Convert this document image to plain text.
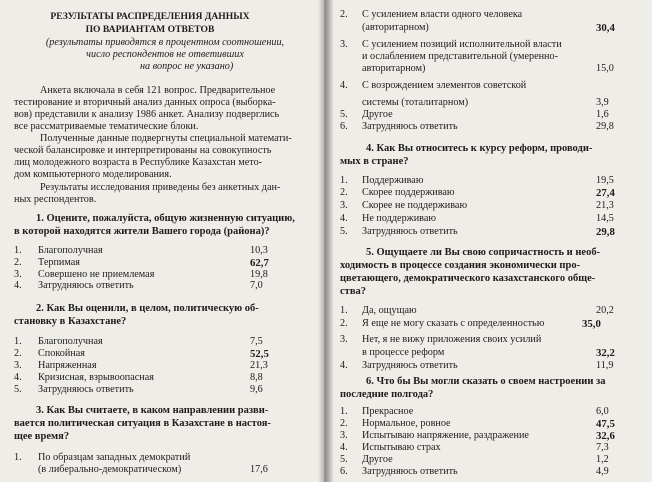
РЕЗУЛЬТАТЫ РАСПРЕДЕЛЕНИЯ ДАННЫХ
ПО ВАРИАНТАМ ОТВЕТОВ
(результаты приводятся в процентном соотношении,
число респондентов не ответивших
на вопрос не указано)
Анкета включала в себя 121 вопрос. Предварительное
тестирование и вторичный анализ данных опроса (выборка-
вов) представили к анализу 1986 анкет. Анализу подверглись
все рассматриваемые тематические блоки.
Полученные данные подвергнуты специальной математи-
ческой балансировке и интерпретированы на совокупность
лиц молодежного возраста в Республике Казахстан мето-
дом компьютерного моделирования.
Результаты исследования приведены без анкетных дан-
ных респондентов.
1. Оцените, пожалуйста, общую жизненную ситуацию,
в которой находятся жители Вашего города (района)?
1. Благополучная	10,3
2. Терпимая	62,7
3. Совершено не приемлемая	19,8
4. Затрудняюсь ответить	7,0
2. Как Вы оценили, в целом, политическую об-
становку в Казахстане?
1. Благополучная	7,5
2. Спокойная	52,5
3. Напряженная	21,3
4. Кризисная, взрывоопасная	8,8
5. Затрудняюсь ответить	9,6
3. Как Вы считаете, в каком направлении разви-
вается политическая ситуация в Казахстане в настоя-
щее время?
1. По образцам западных демократий
(в либерально-демократическом)	17,6
2. С усилением власти одного человека
(авторитарном)	30,4
3. С усилением позиций исполнительной власти
и ослаблением представительной (умеренно-
авторитарном)	15,0
4. С возрождением элементов советской
системы (тоталитарном)	3,9
5. Другое	1,6
6. Затрудняюсь ответить	29,8
4. Как Вы относитесь к курсу реформ, проводи-
мых в стране?
1. Поддерживаю	19,5
2. Скорее поддерживаю	27,4
3. Скорее не поддерживаю	21,3
4. Не поддерживаю	14,5
5. Затрудняюсь ответить	29,8
5. Ощущаете ли Вы свою сопричастность и необ-
ходимость в процессе создания экономически про-
цветающего, демократического казахстанского обще-
ства?
1. Да, ощущаю	20,2
2. Я еще не могу сказать с определенностью	35,0
3. Нет, я не вижу приложения своих усилий
в процессе реформ	32,2
4. Затрудняюсь ответить	11,9
6. Что бы Вы могли сказать о своем настроении за
последние полгода?
1. Прекрасное	6,0
2. Нормальное, ровное	47,5
3. Испытываю напряжение, раздражение	32,6
4. Испытываю страх	7,3
5. Другое	1,2
6. Затрудняюсь ответить	4,9
